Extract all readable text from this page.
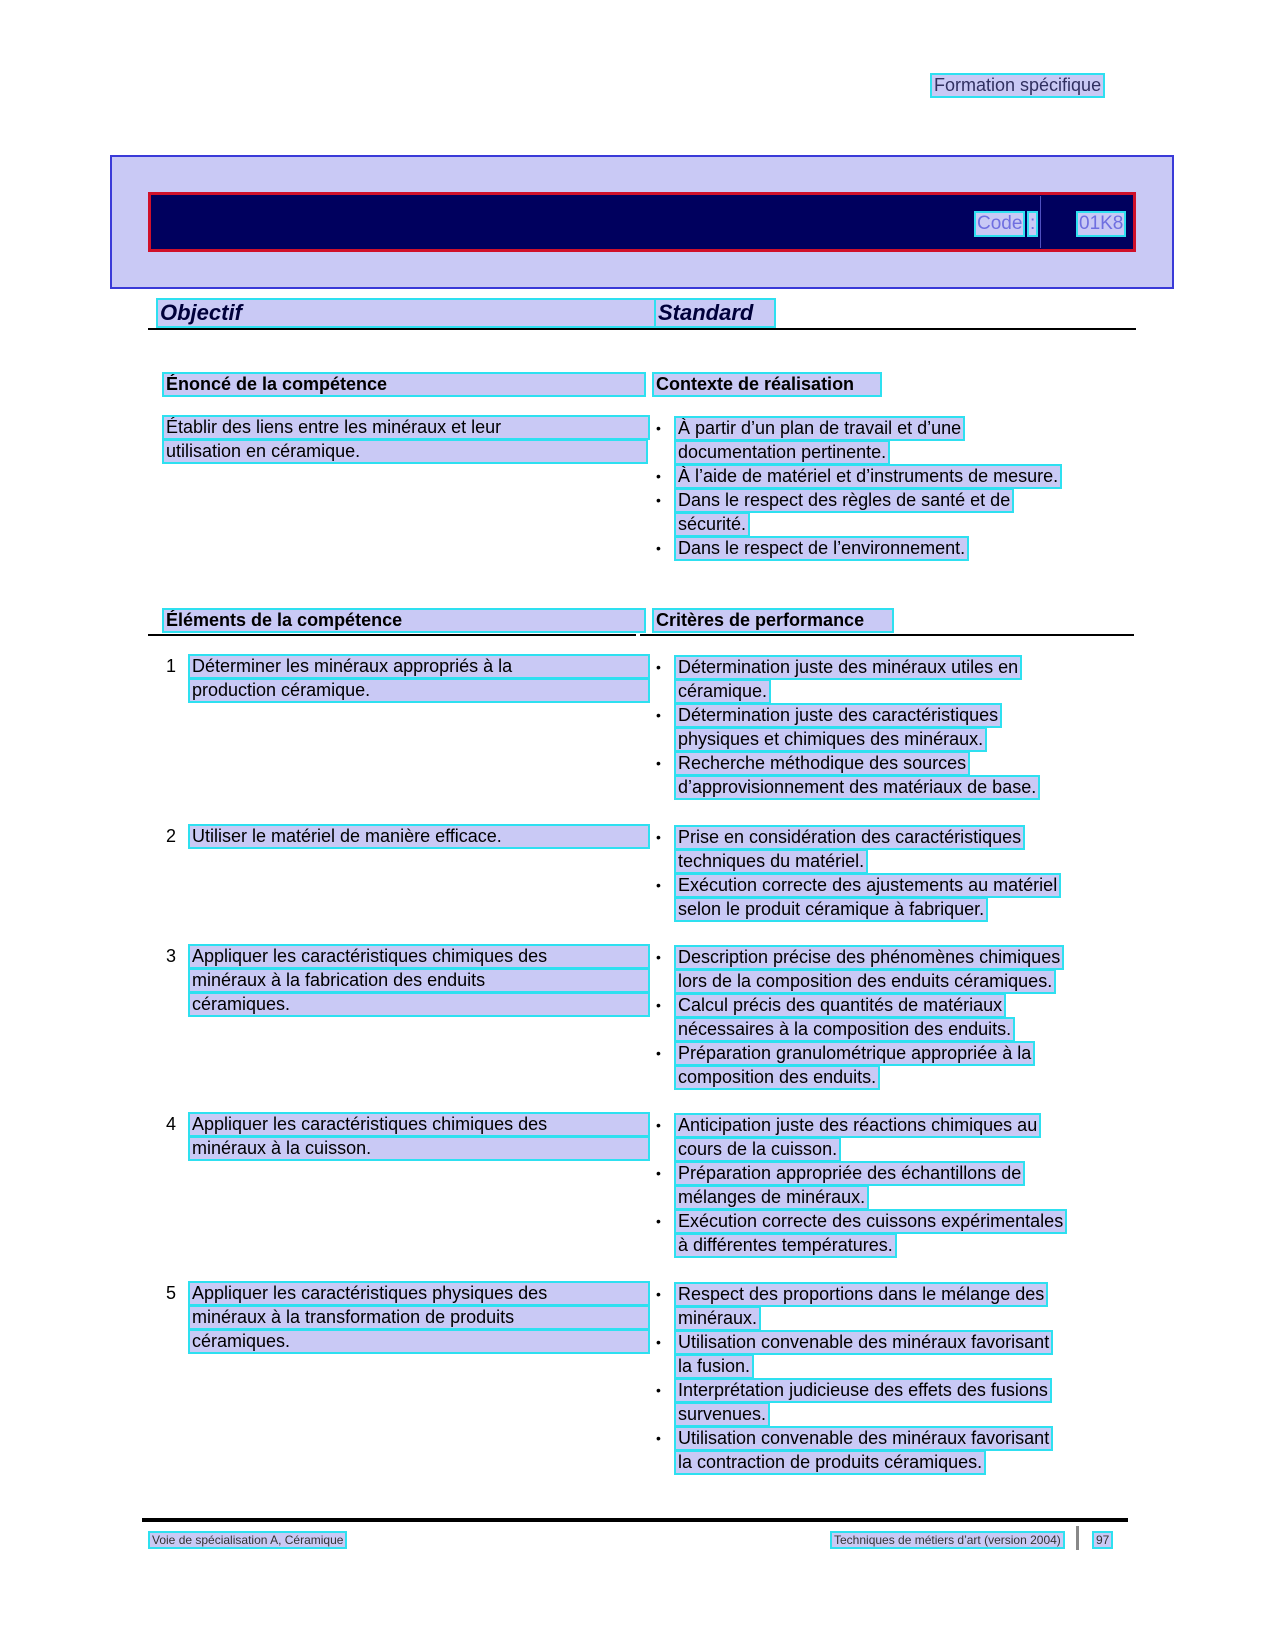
Formation spécifique
Code : 01K8
Objectif	Standard
Énoncé de la compétence	Contexte de réalisation
Établir des liens entre les minéraux et leur
utilisation en céramique.
• À partir d’un plan de travail et d’une
documentation pertinente.
• À l’aide de matériel et d’instruments de mesure.
• Dans le respect des règles de santé et de
sécurité.
• Dans le respect de l’environnement.
Éléments de la compétence	Critères de performance
1 Déterminer les minéraux appropriés à la
production céramique.
• Détermination juste des minéraux utiles en
céramique.
• Détermination juste des caractéristiques
physiques et chimiques des minéraux.
• Recherche méthodique des sources
d’approvisionnement des matériaux de base.
2 Utiliser le matériel de manière efficace.	• Prise en considération des caractéristiques
techniques du matériel.
• Exécution correcte des ajustements au matériel
selon le produit céramique à fabriquer.
3 Appliquer les caractéristiques chimiques des
minéraux à la fabrication des enduits
céramiques.
• Description précise des phénomènes chimiques
lors de la composition des enduits céramiques.
• Calcul précis des quantités de matériaux
nécessaires à la composition des enduits.
• Préparation granulométrique appropriée à la
composition des enduits.
4 Appliquer les caractéristiques chimiques des
minéraux à la cuisson.
• Anticipation juste des réactions chimiques au
cours de la cuisson.
• Préparation appropriée des échantillons de
mélanges de minéraux.
• Exécution correcte des cuissons expérimentales
à différentes températures.
5 Appliquer les caractéristiques physiques des
minéraux à la transformation de produits
céramiques.
• Respect des proportions dans le mélange des
minéraux.
• Utilisation convenable des minéraux favorisant
la fusion.
• Interprétation judicieuse des effets des fusions
survenues.
• Utilisation convenable des minéraux favorisant
la contraction de produits céramiques.
Voie de spécialisation A, Céramique	Techniques de métiers d’art (version 2004)	97
